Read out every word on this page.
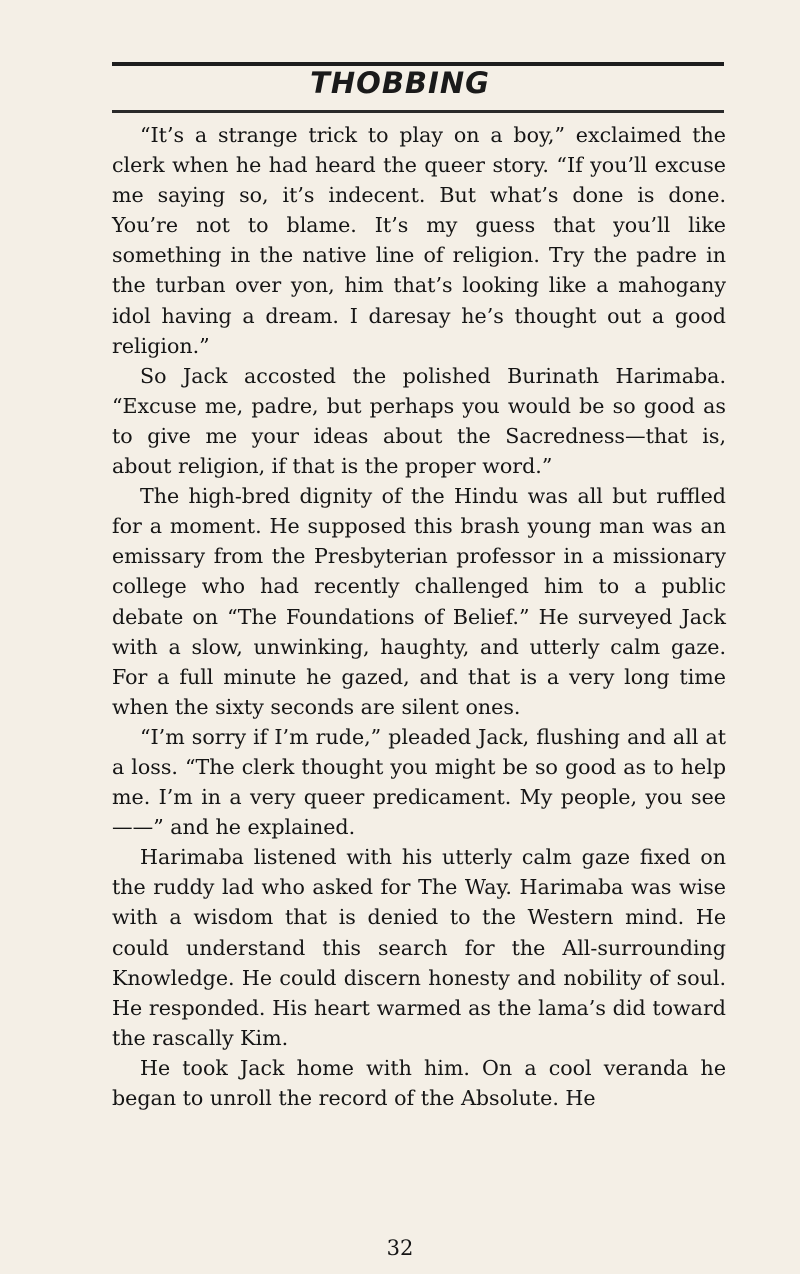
THOBBING

“It’s a strange trick to play on a boy,” exclaimed the clerk when he had heard the queer story. “If you’ll excuse me saying so, it’s indecent. But what’s done is done. You’re not to blame. It’s my guess that you’ll like something in the native line of religion. Try the padre in the turban over yon, him that’s looking like a mahogany idol having a dream. I daresay he’s thought out a good religion.”

So Jack accosted the polished Burinath Harimaba. “Excuse me, padre, but perhaps you would be so good as to give me your ideas about the Sacredness—that is, about religion, if that is the proper word.”

The high-bred dignity of the Hindu was all but ruffled for a moment. He supposed this brash young man was an emissary from the Presbyterian professor in a missionary college who had recently challenged him to a public debate on “The Foundations of Belief.” He surveyed Jack with a slow, unwinking, haughty, and utterly calm gaze. For a full minute he gazed, and that is a very long time when the sixty seconds are silent ones.

“I’m sorry if I’m rude,” pleaded Jack, flushing and all at a loss. “The clerk thought you might be so good as to help me. I’m in a very queer predicament. My people, you see——” and he explained.

Harimaba listened with his utterly calm gaze fixed on the ruddy lad who asked for The Way. Harimaba was wise with a wisdom that is denied to the Western mind. He could understand this search for the All-surrounding Knowledge. He could discern honesty and nobility of soul. He responded. His heart warmed as the lama’s did toward the rascally Kim.

He took Jack home with him. On a cool veranda he began to unroll the record of the Absolute. He

32
